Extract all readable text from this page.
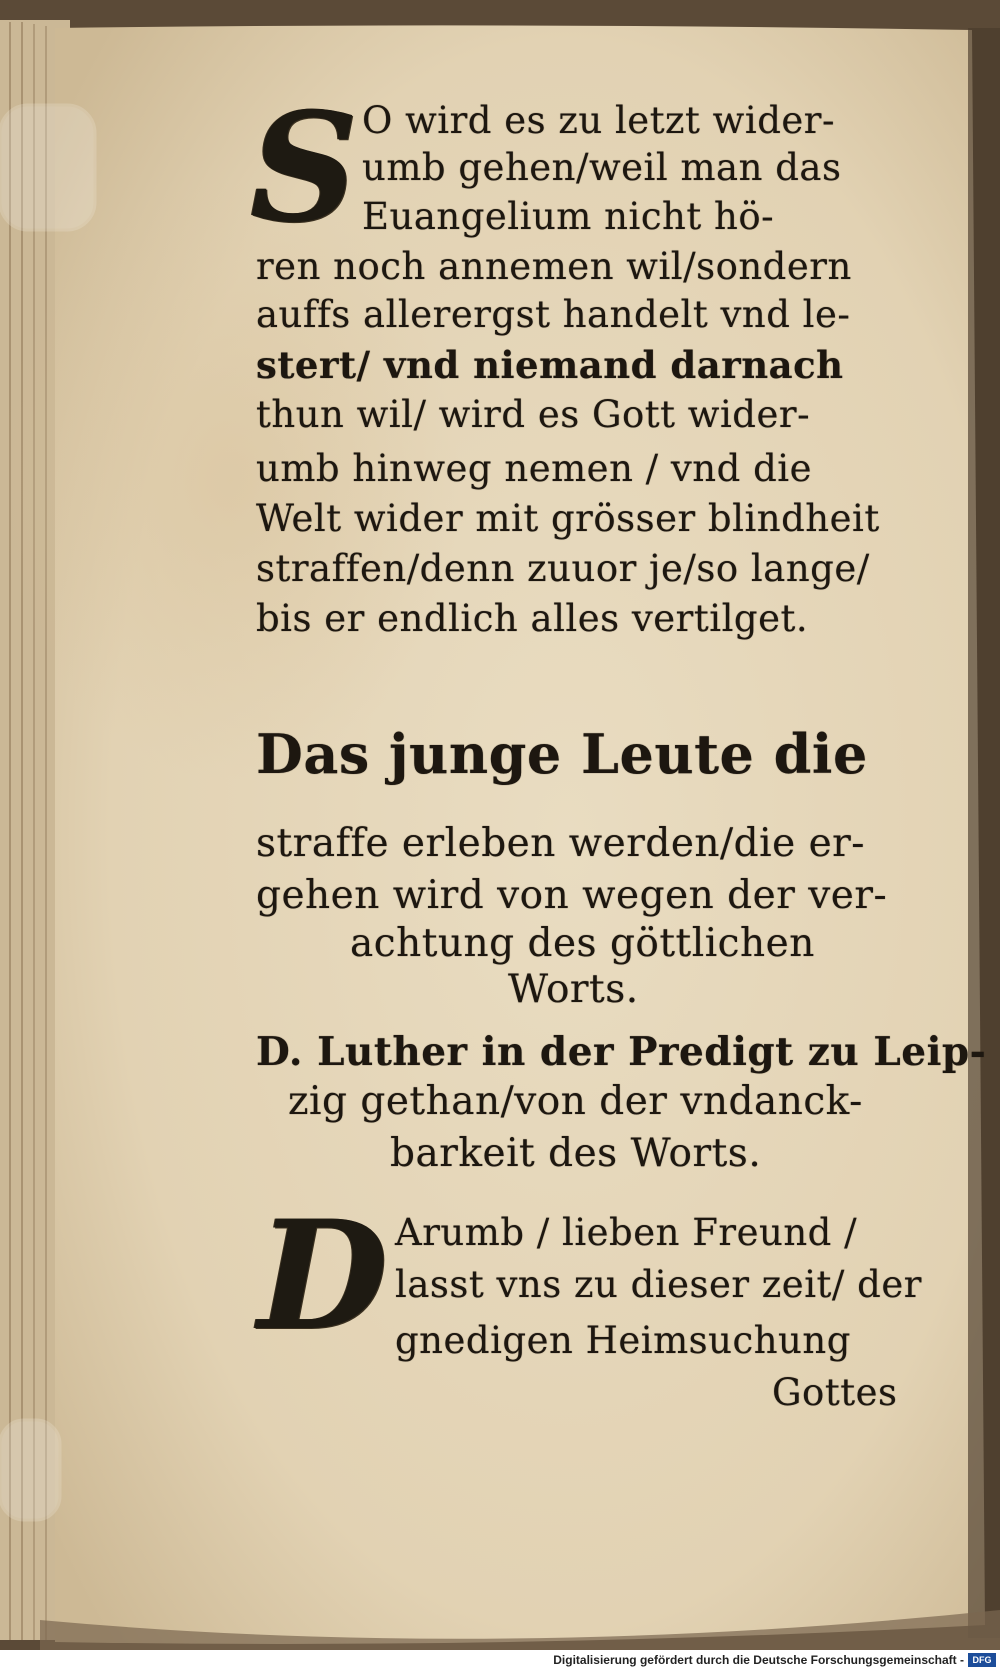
S O wird es zu letzt wider-

umb gehen/weil man das

Euangelium nicht hö-

ren noch annemen wil/sondern

auffs allerergst handelt vnd le-

stert/ vnd niemand darnach

thun wil/ wird es Gott wider-

umb hinweg nemen / vnd die

Welt wider mit grösser blindheit

straffen/denn zuuor je/so lange/

bis er endlich alles vertilget.

Das junge Leute die

straffe erleben werden/die er-

gehen wird von wegen der ver-

achtung des göttlichen

Worts.

D. Luther in der Predigt zu Leip-

zig gethan/von der vndanck-

barkeit des Worts.

D Arumb / lieben Freund /

lasst vns zu dieser zeit/ der

gnedigen Heimsuchung

Gottes

Digitalisierung gefördert durch die Deutsche Forschungsgemeinschaft - DFG
